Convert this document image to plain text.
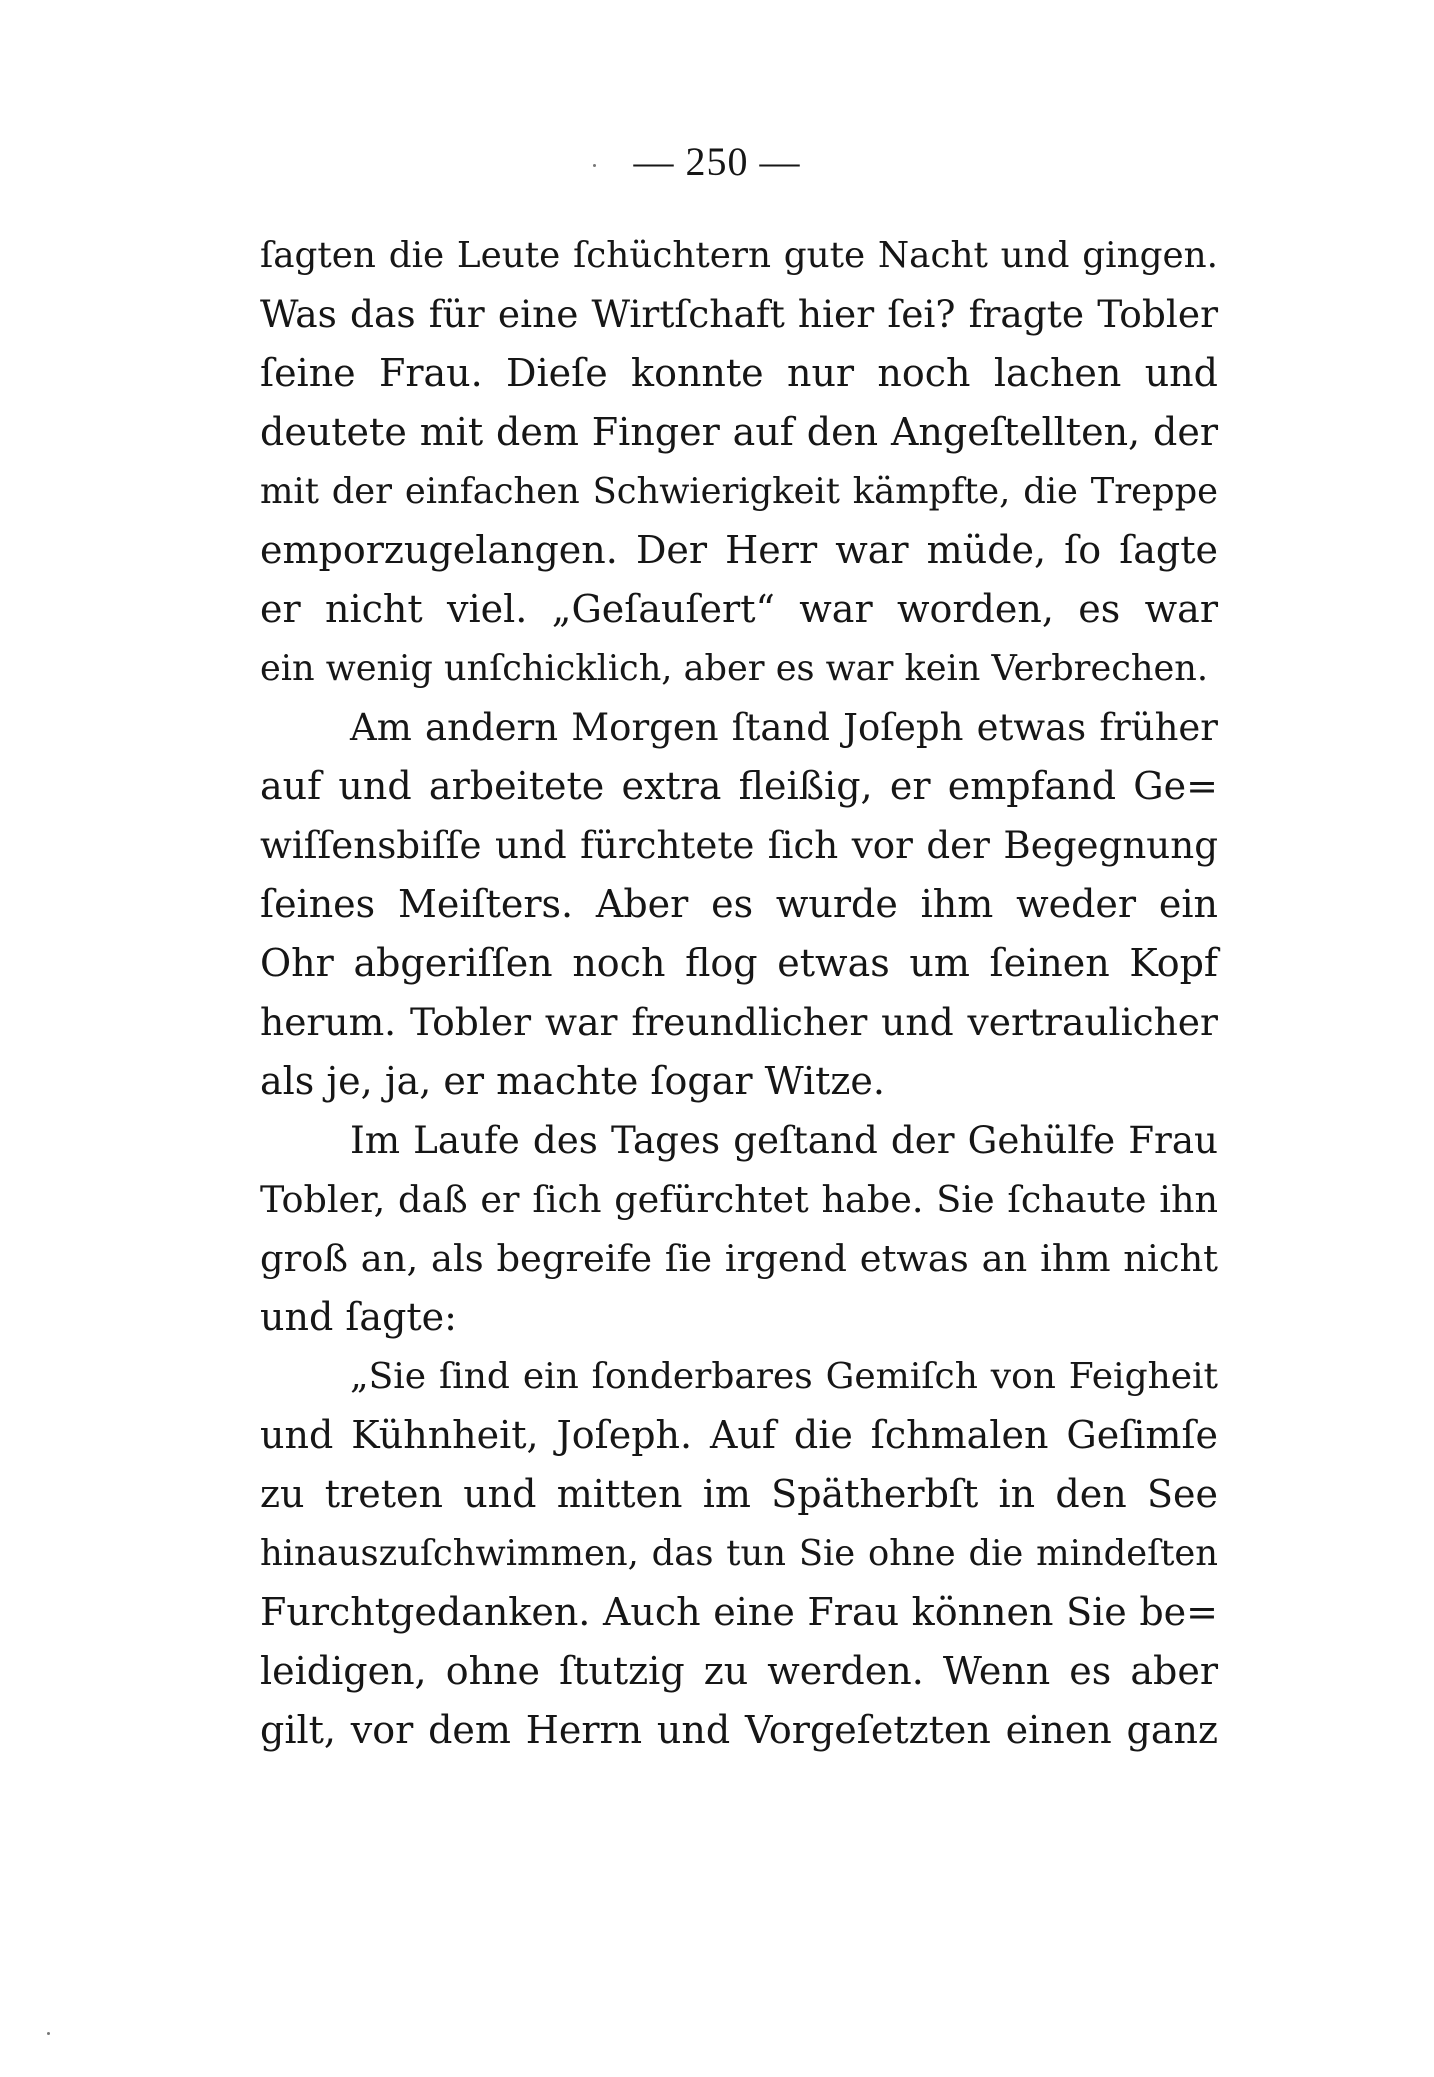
— 250 —
ſagten die Leute ſchüchtern gute Nacht und gingen.
Was das für eine Wirtſchaft hier ſei? fragte Tobler
ſeine Frau. Dieſe konnte nur noch lachen und
deutete mit dem Finger auf den Angeſtellten, der
mit der einfachen Schwierigkeit kämpfte, die Treppe
emporzugelangen. Der Herr war müde, ſo ſagte
er nicht viel. „Geſauſert“ war worden, es war
ein wenig unſchicklich, aber es war kein Verbrechen.
Am andern Morgen ſtand Joſeph etwas früher
auf und arbeitete extra fleißig, er empfand Ge=
wiſſensbiſſe und fürchtete ſich vor der Begegnung
ſeines Meiſters. Aber es wurde ihm weder ein
Ohr abgeriſſen noch flog etwas um ſeinen Kopf
herum. Tobler war freundlicher und vertraulicher
als je, ja, er machte ſogar Witze.
Im Laufe des Tages geſtand der Gehülfe Frau
Tobler, daß er ſich gefürchtet habe. Sie ſchaute ihn
groß an, als begreife ſie irgend etwas an ihm nicht
und ſagte:
„Sie ſind ein ſonderbares Gemiſch von Feigheit
und Kühnheit, Joſeph. Auf die ſchmalen Geſimſe
zu treten und mitten im Spätherbſt in den See
hinauszuſchwimmen, das tun Sie ohne die mindeſten
Furchtgedanken. Auch eine Frau können Sie be=
leidigen, ohne ſtutzig zu werden. Wenn es aber
gilt, vor dem Herrn und Vorgeſetzten einen ganz
